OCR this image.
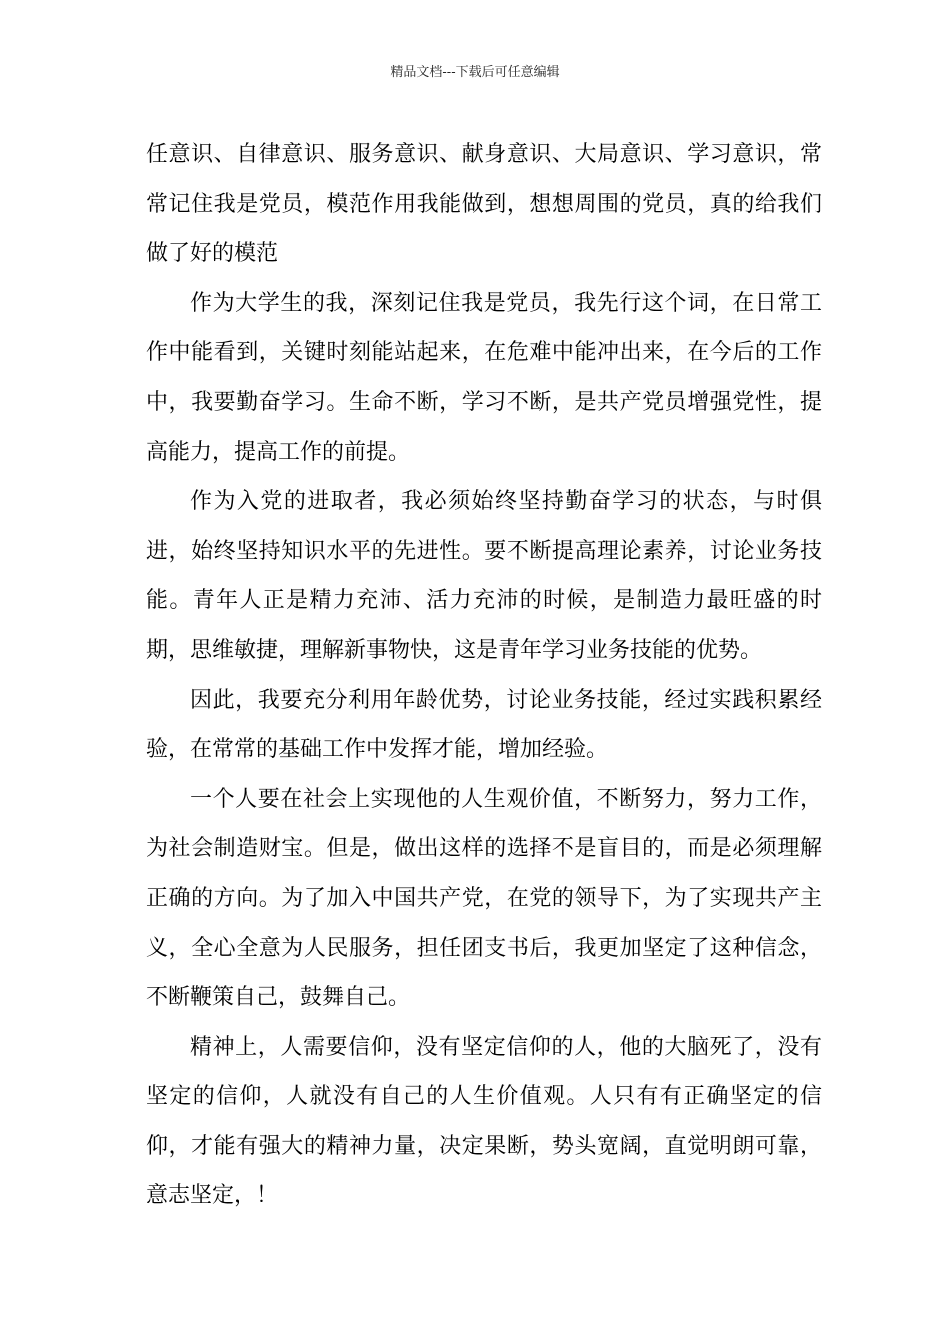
精品文档---下载后可任意编辑

任意识、自律意识、服务意识、献身意识、大局意识、学习意识，常常记住我是党员，模范作用我能做到，想想周围的党员，真的给我们做了好的模范

作为大学生的我，深刻记住我是党员，我先行这个词，在日常工作中能看到，关键时刻能站起来，在危难中能冲出来，在今后的工作中，我要勤奋学习。生命不断，学习不断，是共产党员增强党性，提高能力，提高工作的前提。

作为入党的进取者，我必须始终坚持勤奋学习的状态，与时俱进，始终坚持知识水平的先进性。要不断提高理论素养，讨论业务技能。青年人正是精力充沛、活力充沛的时候，是制造力最旺盛的时期，思维敏捷，理解新事物快，这是青年学习业务技能的优势。

因此，我要充分利用年龄优势，讨论业务技能，经过实践积累经验，在常常的基础工作中发挥才能，增加经验。

一个人要在社会上实现他的人生观价值，不断努力，努力工作，为社会制造财宝。但是，做出这样的选择不是盲目的，而是必须理解正确的方向。为了加入中国共产党，在党的领导下，为了实现共产主义，全心全意为人民服务，担任团支书后，我更加坚定了这种信念，不断鞭策自己，鼓舞自己。

精神上，人需要信仰，没有坚定信仰的人，他的大脑死了，没有坚定的信仰，人就没有自己的人生价值观。人只有有正确坚定的信仰，才能有强大的精神力量，决定果断，势头宽阔，直觉明朗可靠，意志坚定，！
